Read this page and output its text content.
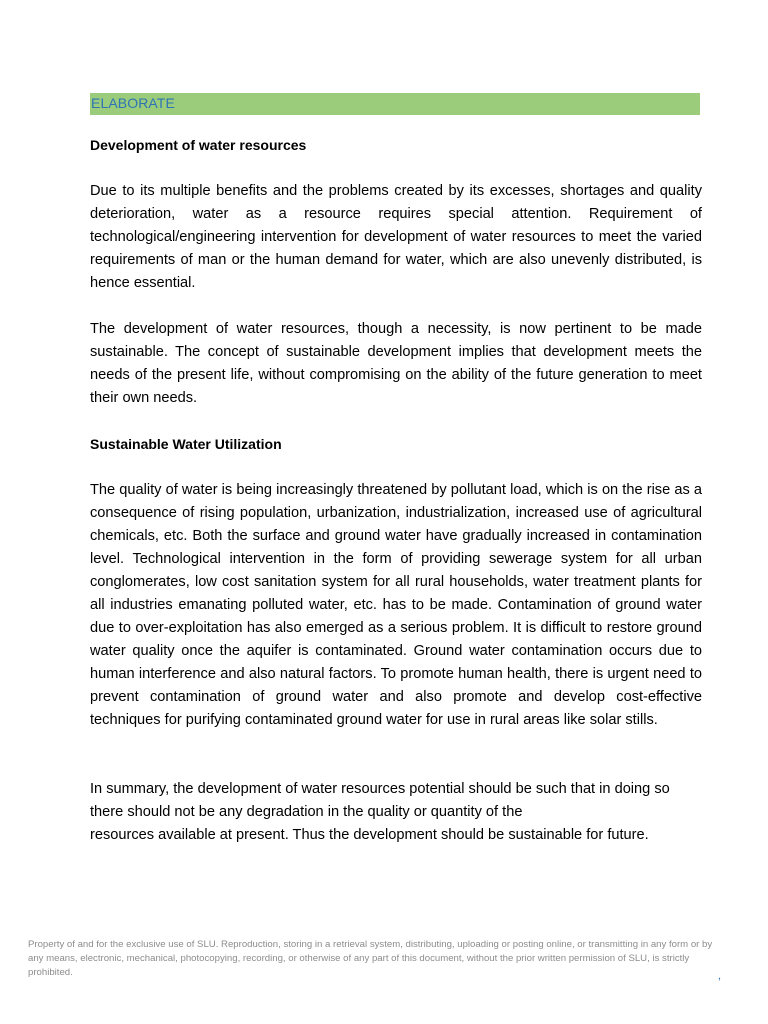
ELABORATE
Development of water resources

Due to its multiple benefits and the problems created by its excesses, shortages and quality deterioration, water as a resource requires special attention. Requirement of technological/engineering intervention for development of water resources to meet the varied requirements of man or the human demand for water, which are also unevenly distributed, is hence essential.

The development of water resources, though a necessity, is now pertinent to be made sustainable. The concept of sustainable development implies that development meets the needs of the present life, without compromising on the ability of the future generation to meet their own needs.

Sustainable Water Utilization

The quality of water is being increasingly threatened by pollutant load, which is on the rise as a consequence of rising population, urbanization, industrialization, increased use of agricultural chemicals, etc. Both the surface and ground water have gradually increased in contamination level. Technological intervention in the form of providing sewerage system for all urban conglomerates, low cost sanitation system for all rural households, water treatment plants for all industries emanating polluted water, etc. has to be made. Contamination of ground water due to over-exploitation has also emerged as a serious problem. It is difficult to restore ground water quality once the aquifer is contaminated. Ground water contamination occurs due to human interference and also natural factors. To promote human health, there is urgent need to prevent contamination of ground water and also promote and develop cost-effective techniques for purifying contaminated ground water for use in rural areas like solar stills.

In summary, the development of water resources potential should be such that in doing so there should not be any degradation in the quality or quantity of the
resources available at present. Thus the development should be sustainable for future.

Property of and for the exclusive use of SLU. Reproduction, storing in a retrieval system, distributing, uploading or posting online, or transmitting in any form or by any means, electronic, mechanical, photocopying, recording, or otherwise of any part of this document, without the prior written permission of SLU, is strictly prohibited.	,
